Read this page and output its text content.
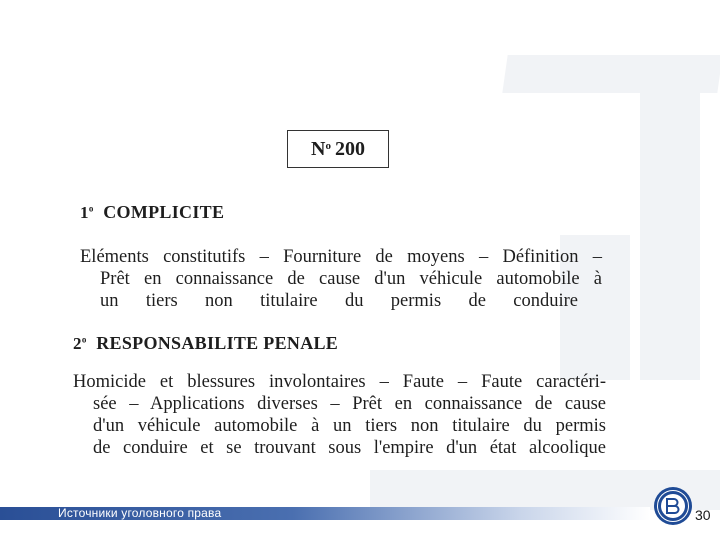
$N^o$ 200
1$^o$ COMPLICITE
Eléments constitutifs – Fourniture de moyens – Définition –
Prêt en connaissance de cause d'un véhicule automobile à
un tiers non titulaire du permis de conduire
2$^o$ RESPONSABILITE PENALE
Homicide et blessures involontaires – Faute – Faute caractéri-
sée – Applications diverses – Prêt en connaissance de cause
d'un véhicule automobile à un tiers non titulaire du permis
de conduire et se trouvant sous l'empire d'un état alcoolique
Источники уголовного права	30
